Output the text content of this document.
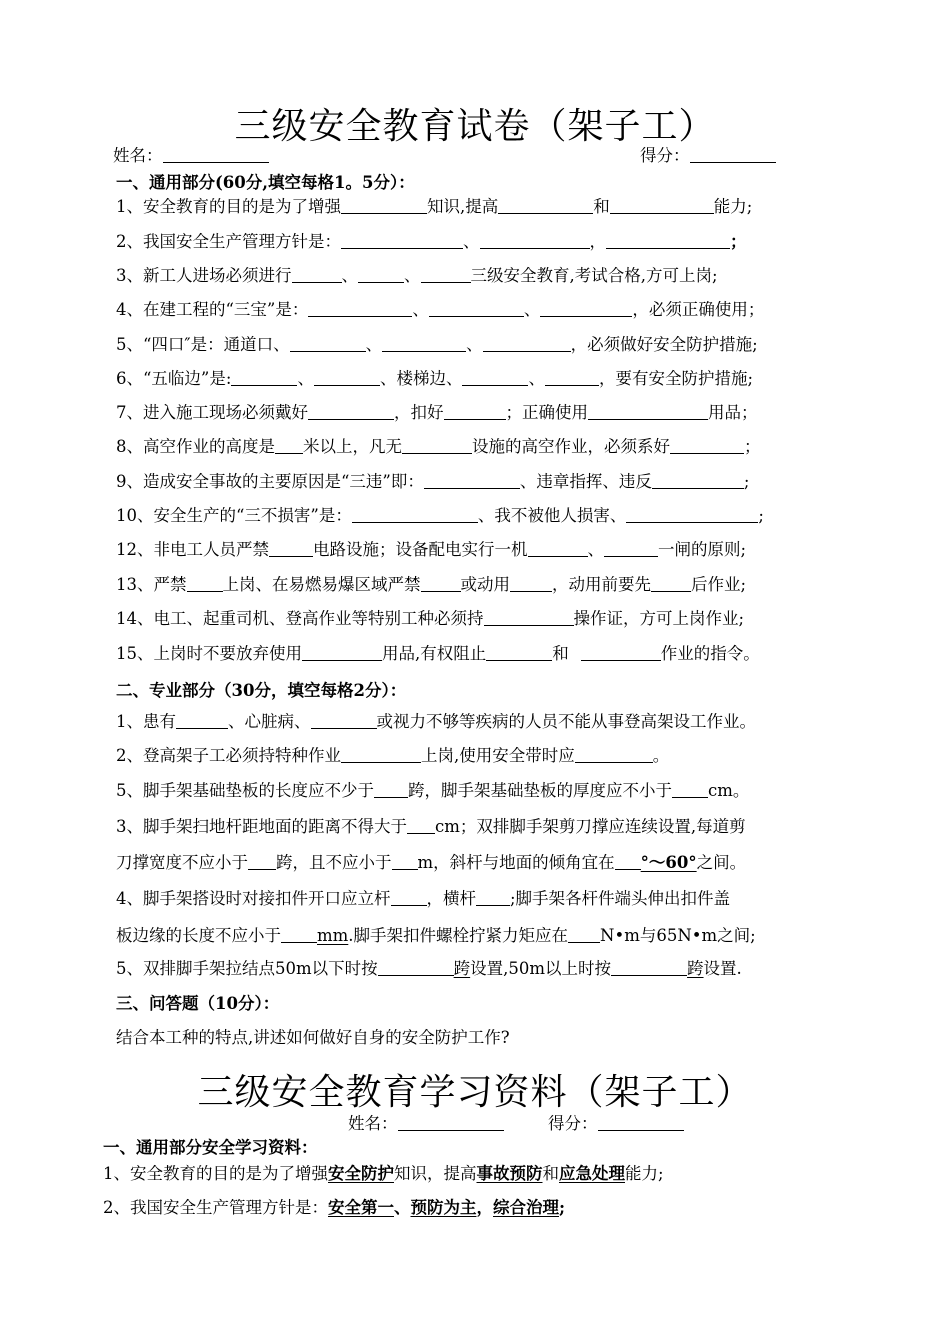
三级安全教育试卷（架子工）
姓名：	得分：
一、通用部分(60分,填空每格1。5分）：
1、安全教育的目的是为了增强	知识,提高	和	能力;
2、我国安全生产管理方针是：	、	，	；
3、新工人进场必须进行	、	、	三级安全教育,考试合格,方可上岗;
4、在建工程的“三宝”是：	、	、	，必须正确使用；
5、“四口″是：通道口、	、	、	，必须做好安全防护措施;
6、“五临边”是:	、	、楼梯边、	、	，要有安全防护措施;
7、进入施工现场必须戴好	，扣好	；正确使用	用品；
8、高空作业的高度是 米以上，凡无	设施的高空作业，必须系好	；
9、造成安全事故的主要原因是“三违”即：	、违章指挥、违反	;
10、安全生产的“三不损害”是：	、我不被他人损害、	;
12、非电工人员严禁	电路设施；设备配电实行一机	、	一闸的原则;
13、严禁 上岗、在易燃易爆区域严禁 或动用	，动用前要先 后作业;
14、电工、起重司机、登高作业等特别工种必须持	操作证，方可上岗作业;
15、上岗时不要放弃使用	用品,有权阻止	和	作业的指令。
二、专业部分（30分，填空每格2分）：
1、患有	、心脏病、	或视力不够等疾病的人员不能从事登高架设工作业。
2、登高架子工必须持特种作业	上岗,使用安全带时应	。
5、脚手架基础垫板的长度应不少于 跨，脚手架基础垫板的厚度应不小于 cm。
3、脚手架扫地杆距地面的距离不得大于 cm；双排脚手架剪刀撑应连续设置,每道剪
刀撑宽度不应小于 跨，且不应小于 m，斜杆与地面的倾角宜在 °～60°之间。
4、脚手架搭设时对接扣件开口应立杆 ，横杆 ;脚手架各杆件端头伸出扣件盖
板边缘的长度不应小于 mm.脚手架扣件螺栓拧紧力矩应在 N•m与65N•m之间;
5、双排脚手架拉结点50m以下时按	跨设置,50m以上时按	跨设置.
三、问答题（10分）：
结合本工种的特点,讲述如何做好自身的安全防护工作?
三级安全教育学习资料（架子工）
姓名：	得分：
一、通用部分安全学习资料：
1、安全教育的目的是为了增强安全防护知识，提高事故预防和应急处理能力;
2、我国安全生产管理方针是：安全第一、预防为主，综合治理;
